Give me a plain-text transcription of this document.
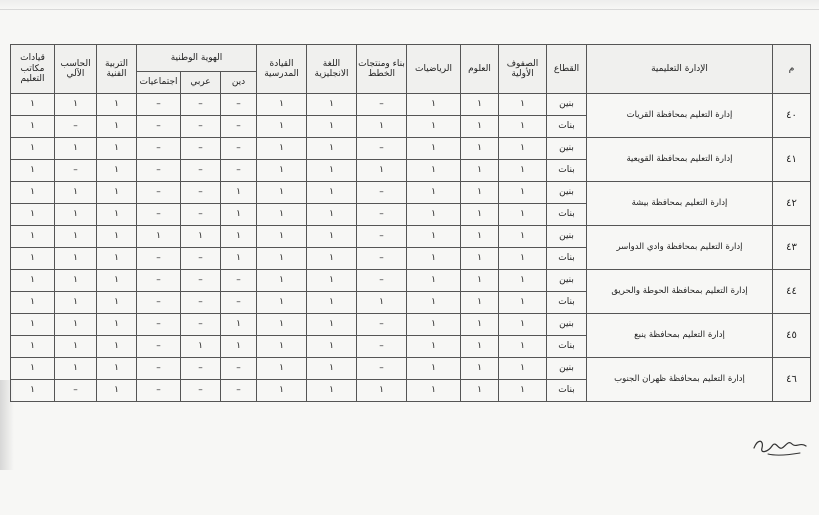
م	الإدارة التعليمية	القطاع	الصفوف الأولية	العلوم	الرياضيات	بناء ومنتجات الخطط	اللغة الانجليزية	القيادة المدرسية	الهوية الوطنية			التربية الفنية	الحاسب الآلي	قيادات مكاتب التعليم
									دين	عربي	اجتماعيات			
٤٠	إدارة التعليم بمحافظة القريات	بنين	١	١	١	–	١	١	–	–	–	١	١	١
		بنات	١	١	١	١	١	١	–	–	–	١	–	١
٤١	إدارة التعليم بمحافظة القويعية	بنين	١	١	١	–	١	١	–	–	–	١	١	١
		بنات	١	١	١	١	١	١	–	–	–	١	–	١
٤٢	إدارة التعليم بمحافظة بيشة	بنين	١	١	١	–	١	١	١	–	–	١	١	١
		بنات	١	١	١	–	١	١	١	–	–	١	١	١
٤٣	إدارة التعليم بمحافظة وادي الدواسر	بنين	١	١	١	–	١	١	١	١	١	١	١	١
		بنات	١	١	١	–	١	١	١	–	–	١	١	١
٤٤	إدارة التعليم بمحافظة الحوطة والحريق	بنين	١	١	١	–	١	١	–	–	–	١	١	١
		بنات	١	١	١	١	١	١	–	–	–	١	١	١
٤٥	إدارة التعليم بمحافظة ينبع	بنين	١	١	١	–	١	١	١	–	–	١	١	١
		بنات	١	١	١	–	١	١	١	١	–	١	١	١
٤٦	إدارة التعليم بمحافظة ظهران الجنوب	بنين	١	١	١	–	١	١	–	–	–	١	١	١
		بنات	١	١	١	١	١	١	–	–	–	١	–	١
